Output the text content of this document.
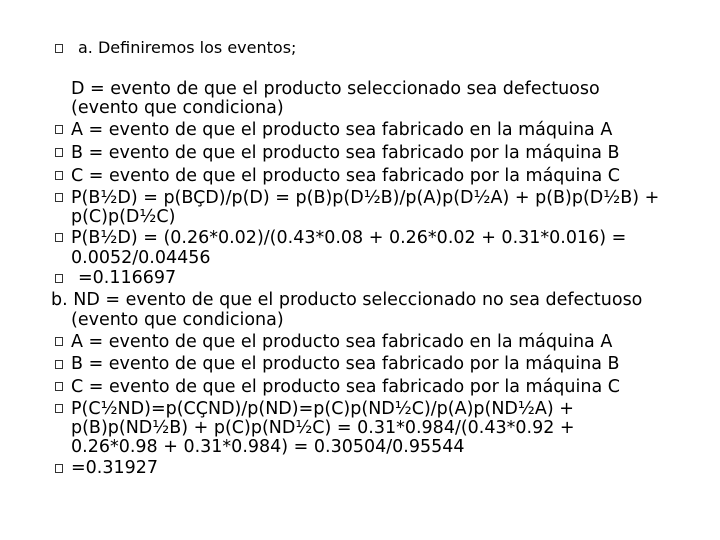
a. Definiremos los eventos;
D = evento de que el producto seleccionado sea defectuoso
(evento que condiciona)
A = evento de que el producto sea fabricado en la máquina A
B = evento de que el producto sea fabricado por la máquina B
C = evento de que el producto sea fabricado por la máquina C
P(B½D) = p(BÇD)/p(D) = p(B)p(D½B)/p(A)p(D½A) + p(B)p(D½B) +
p(C)p(D½C)
P(B½D) = (0.26*0.02)/(0.43*0.08 + 0.26*0.02 + 0.31*0.016) =
0.0052/0.04456
=0.116697
b. ND = evento de que el producto seleccionado no sea defectuoso
(evento que condiciona)
A = evento de que el producto sea fabricado en la máquina A
B = evento de que el producto sea fabricado por la máquina B
C = evento de que el producto sea fabricado por la máquina C
P(C½ND)=p(CÇND)/p(ND)=p(C)p(ND½C)/p(A)p(ND½A) +
p(B)p(ND½B) + p(C)p(ND½C) = 0.31*0.984/(0.43*0.92 +
0.26*0.98 + 0.31*0.984) = 0.30504/0.95544
=0.31927
